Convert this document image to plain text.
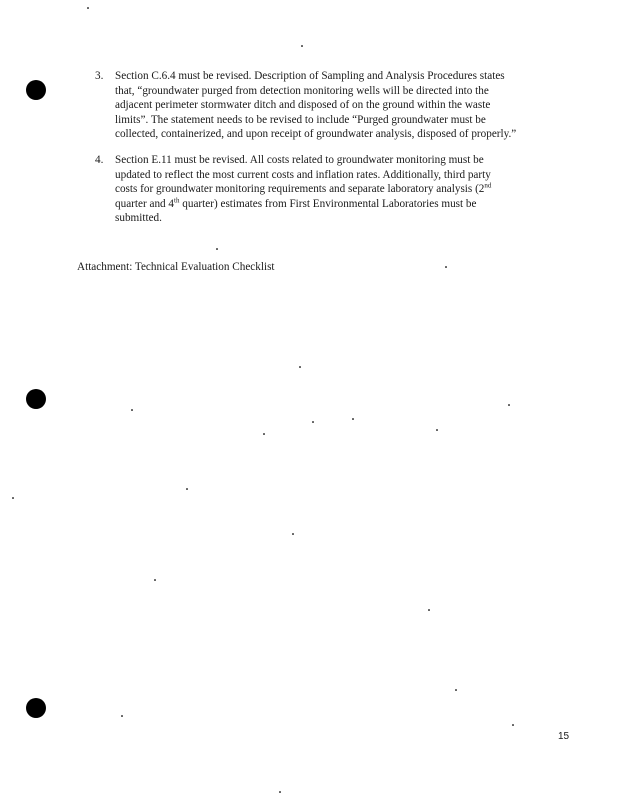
3.	Section C.6.4 must be revised. Description of Sampling and Analysis Procedures states
that, “groundwater purged from detection monitoring wells will be directed into the
adjacent perimeter stormwater ditch and disposed of on the ground within the waste
limits”. The statement needs to be revised to include “Purged groundwater must be
collected, containerized, and upon receipt of groundwater analysis, disposed of properly.”
4.	Section E.11 must be revised. All costs related to groundwater monitoring must be
updated to reflect the most current costs and inflation rates. Additionally, third party
costs for groundwater monitoring requirements and separate laboratory analysis (2nd
quarter and 4th quarter) estimates from First Environmental Laboratories must be
submitted.
Attachment: Technical Evaluation Checklist
15
